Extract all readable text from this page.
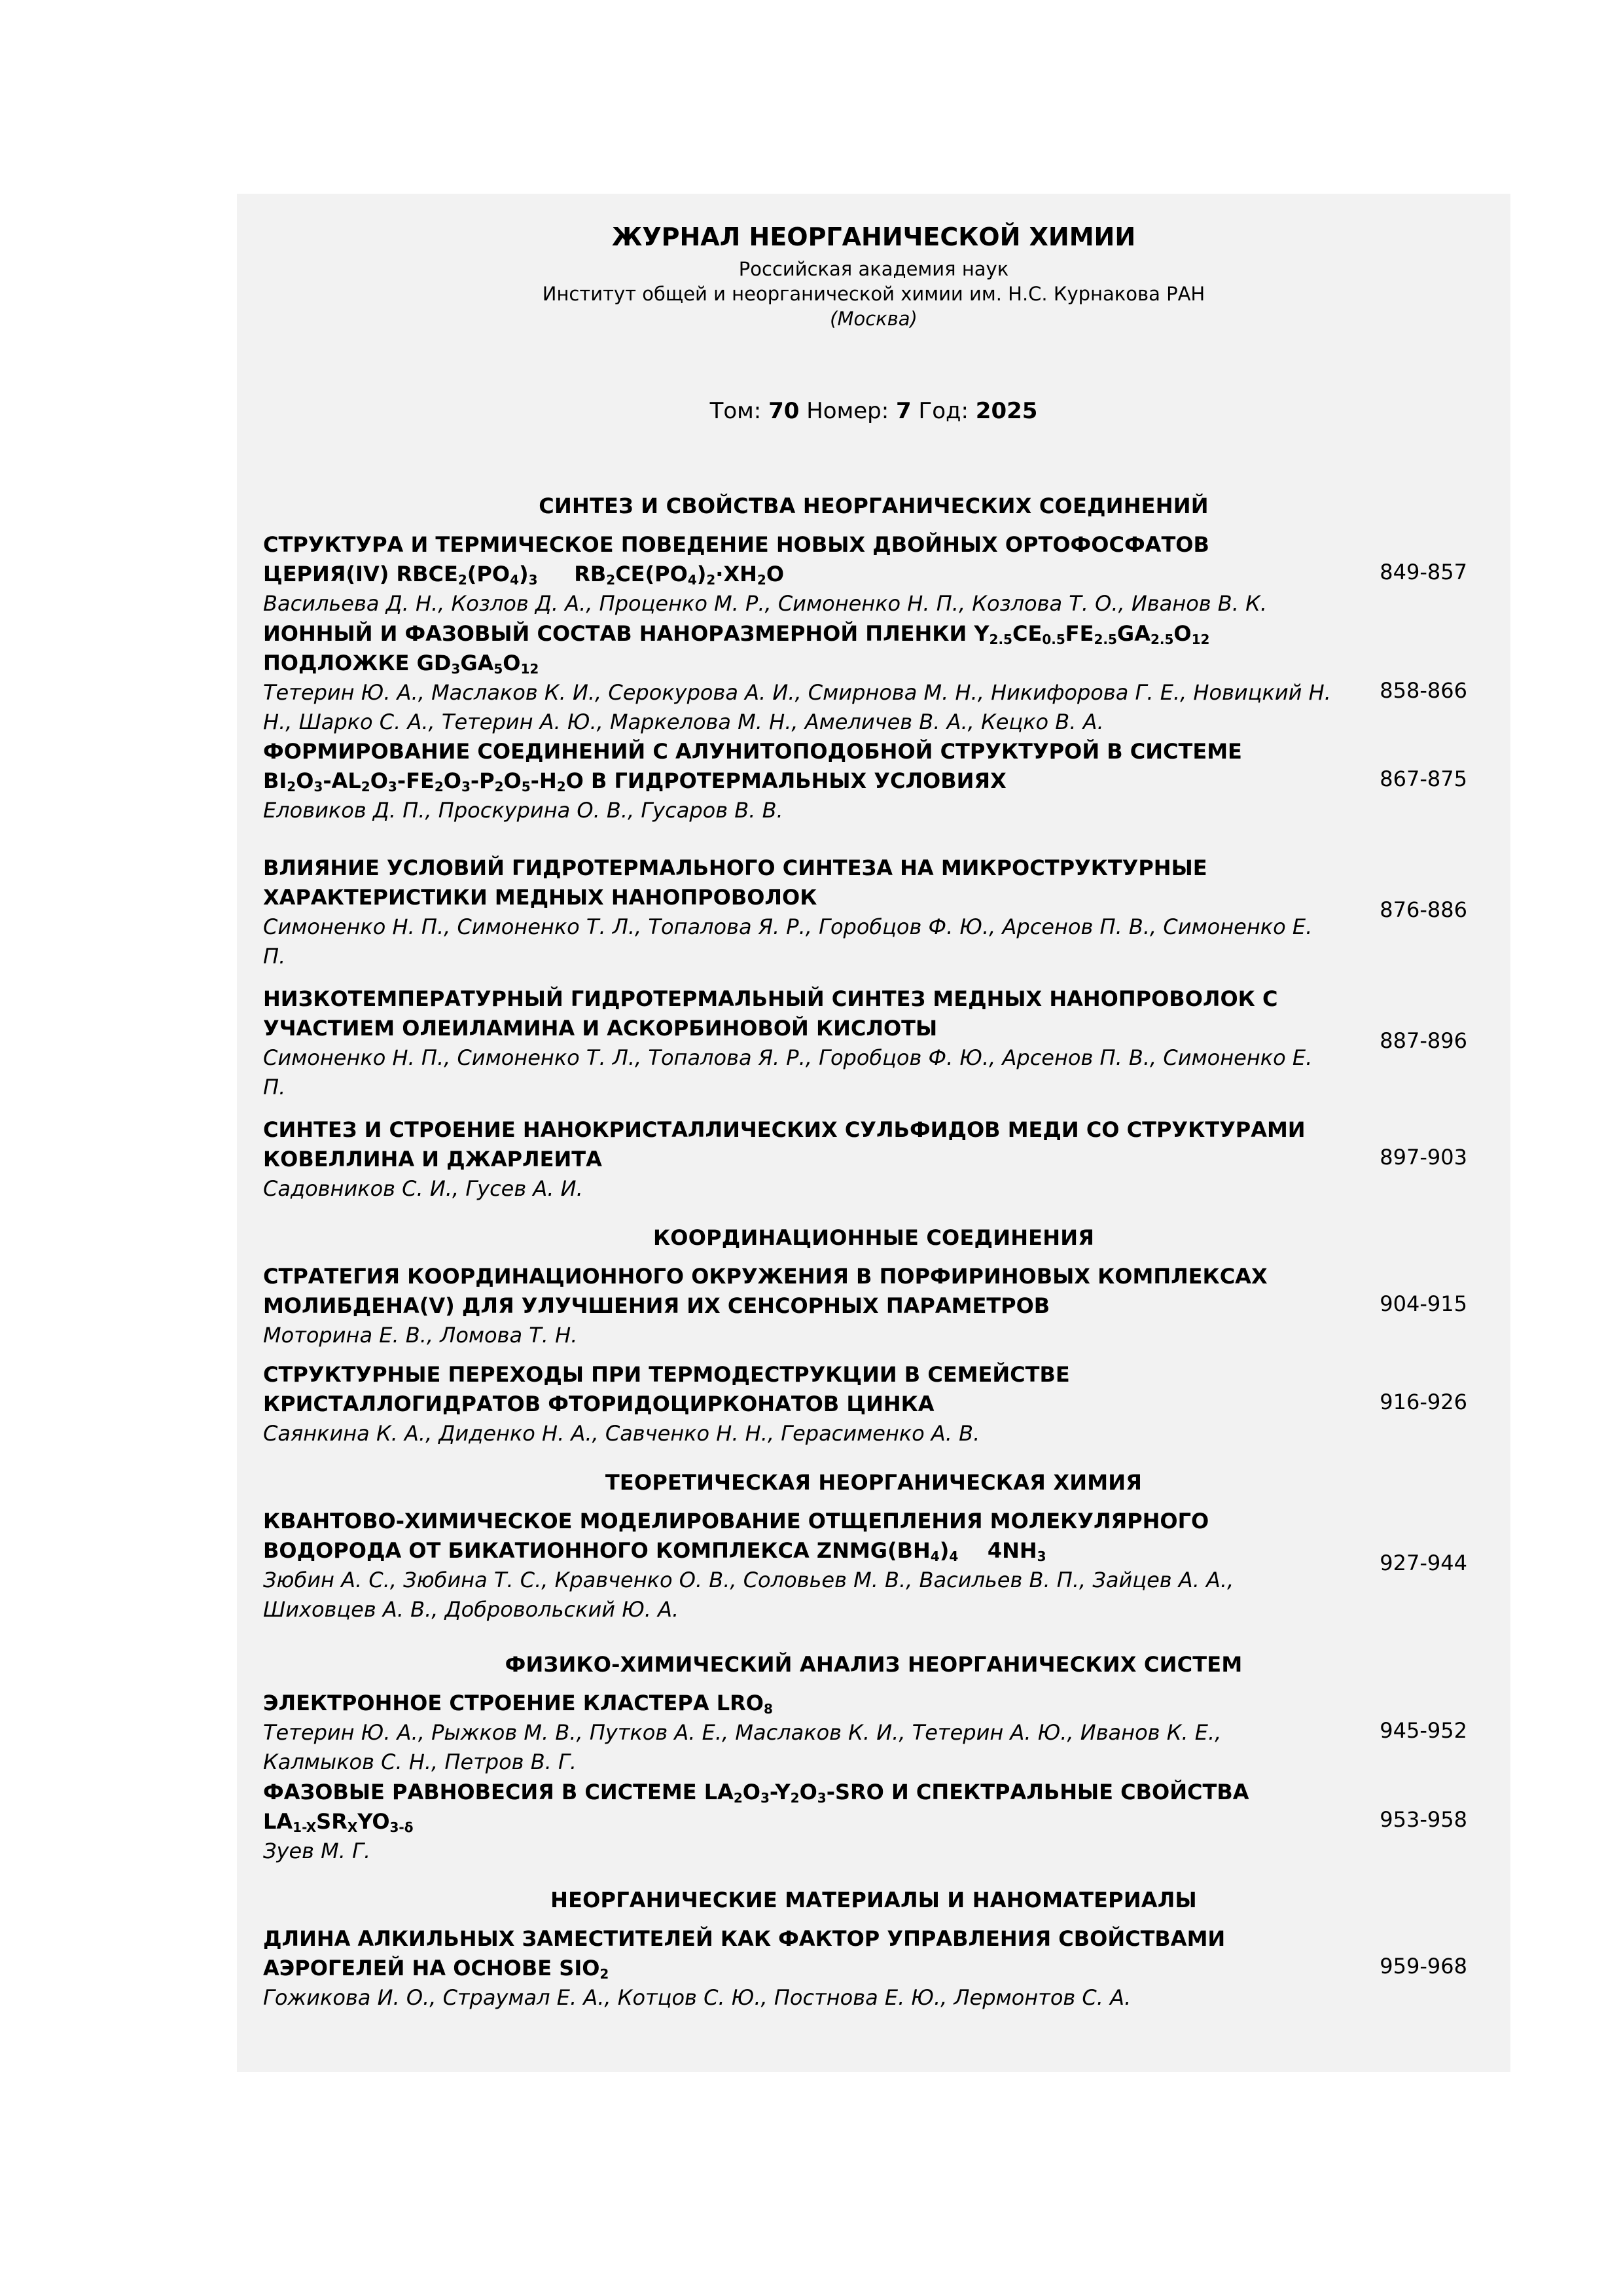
ЖУРНАЛ НЕОРГАНИЧЕСКОЙ ХИМИИ
Российская академия наук
Институт общей и неорганической химии им. Н.С. Курнакова РАН
(Москва)
Том: 70 Номер: 7 Год: 2025
СИНТЕЗ И СВОЙСТВА НЕОРГАНИЧЕСКИХ СОЕДИНЕНИЙ
СТРУКТУРА И ТЕРМИЧЕСКОЕ ПОВЕДЕНИЕ НОВЫХ ДВОЙНЫХ ОРТОФОСФАТОВ
ЦЕРИЯ(IV) $RBCE_2(PO_4)_3$     $RB_2CE(PO_4)_2\cdot XH_2O$
Васильева Д. Н., Козлов Д. А., Проценко М. Р., Симоненко Н. П., Козлова Т. О., Иванов В. К.
849-857
ИОННЫЙ И ФАЗОВЫЙ СОСТАВ НАНОРАЗМЕРНОЙ ПЛЕНКИ $Y_{2.5}CE_{0.5}FE_{2.5}GA_{2.5}O_{12}$
ПОДЛОЖКЕ $GD_3GA_5O_{12}$
Тетерин Ю. А., Маслаков К. И., Серокурова А. И., Смирнова М. Н., Никифорова Г. Е., Новицкий Н. Н., Шарко С. А., Тетерин А. Ю., Маркелова М. Н., Амеличев В. А., Кецко В. А.
858-866
ФОРМИРОВАНИЕ СОЕДИНЕНИЙ С АЛУНИТОПОДОБНОЙ СТРУКТУРОЙ В СИСТЕМЕ
$BI_2O_3-AL_2O_3-FE_2O_3-P_2O_5-H_2O$ В ГИДРОТЕРМАЛЬНЫХ УСЛОВИЯХ
Еловиков Д. П., Проскурина О. В., Гусаров В. В.
867-875
ВЛИЯНИЕ УСЛОВИЙ ГИДРОТЕРМАЛЬНОГО СИНТЕЗА НА МИКРОСТРУКТУРНЫЕ ХАРАКТЕРИСТИКИ МЕДНЫХ НАНОПРОВОЛОК
Симоненко Н. П., Симоненко Т. Л., Топалова Я. Р., Горобцов Ф. Ю., Арсенов П. В., Симоненко Е. П.
876-886
НИЗКОТЕМПЕРАТУРНЫЙ ГИДРОТЕРМАЛЬНЫЙ СИНТЕЗ МЕДНЫХ НАНОПРОВОЛОК С УЧАСТИЕМ ОЛЕИЛАМИНА И АСКОРБИНОВОЙ КИСЛОТЫ
Симоненко Н. П., Симоненко Т. Л., Топалова Я. Р., Горобцов Ф. Ю., Арсенов П. В., Симоненко Е. П.
887-896
СИНТЕЗ И СТРОЕНИЕ НАНОКРИСТАЛЛИЧЕСКИХ СУЛЬФИДОВ МЕДИ СО СТРУКТУРАМИ КОВЕЛЛИНА И ДЖАРЛЕИТА
Садовников С. И., Гусев А. И.
897-903
КООРДИНАЦИОННЫЕ СОЕДИНЕНИЯ
СТРАТЕГИЯ КООРДИНАЦИОННОГО ОКРУЖЕНИЯ В ПОРФИРИНОВЫХ КОМПЛЕКСАХ МОЛИБДЕНА(V) ДЛЯ УЛУЧШЕНИЯ ИХ СЕНСОРНЫХ ПАРАМЕТРОВ
Моторина Е. В., Ломова Т. Н.
904-915
СТРУКТУРНЫЕ ПЕРЕХОДЫ ПРИ ТЕРМОДЕСТРУКЦИИ В СЕМЕЙСТВЕ КРИСТАЛЛОГИДРАТОВ ФТОРИДОЦИРКОНАТОВ ЦИНКА
Саянкина К. А., Диденко Н. А., Савченко Н. Н., Герасименко А. В.
916-926
ТЕОРЕТИЧЕСКАЯ НЕОРГАНИЧЕСКАЯ ХИМИЯ
КВАНТОВО-ХИМИЧЕСКОЕ МОДЕЛИРОВАНИЕ ОТЩЕПЛЕНИЯ МОЛЕКУЛЯРНОГО
ВОДОРОДА ОТ БИКАТИОННОГО КОМПЛЕКСА $ZNMG(BH_4)_4$    $4NH_3$
Зюбин А. С., Зюбина Т. С., Кравченко О. В., Соловьев М. В., Васильев В. П., Зайцев А. А., Шиховцев А. В., Добровольский Ю. А.
927-944
ФИЗИКО-ХИМИЧЕСКИЙ АНАЛИЗ НЕОРГАНИЧЕСКИХ СИСТЕМ
ЭЛЕКТРОННОЕ СТРОЕНИЕ КЛАСТЕРА $LRO_8$
Тетерин Ю. А., Рыжков М. В., Путков А. Е., Маслаков К. И., Тетерин А. Ю., Иванов К. Е., Калмыков С. Н., Петров В. Г.
945-952
ФАЗОВЫЕ РАВНОВЕСИЯ В СИСТЕМЕ $LA_2O_3-Y_2O_3$-SRO И СПЕКТРАЛЬНЫЕ СВОЙСТВА
$LA_{1-X}SR_XYO_{3-\delta}$
Зуев М. Г.
953-958
НЕОРГАНИЧЕСКИЕ МАТЕРИАЛЫ И НАНОМАТЕРИАЛЫ
ДЛИНА АЛКИЛЬНЫХ ЗАМЕСТИТЕЛЕЙ КАК ФАКТОР УПРАВЛЕНИЯ СВОЙСТВАМИ
АЭРОГЕЛЕЙ НА ОСНОВЕ $SIO_2$
Гожикова И. О., Страумал Е. А., Котцов С. Ю., Постнова Е. Ю., Лермонтов С. А.
959-968
